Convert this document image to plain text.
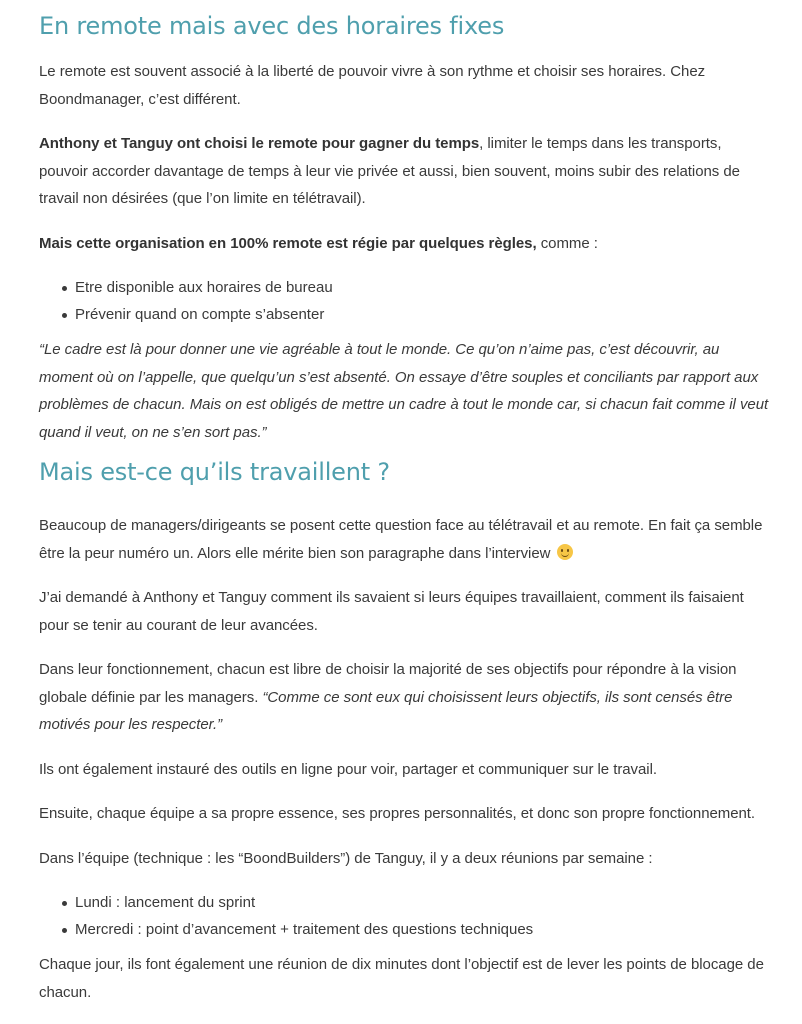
En remote mais avec des horaires fixes

Le remote est souvent associé à la liberté de pouvoir vivre à son rythme et choisir ses horaires. Chez Boondmanager, c’est différent.

Anthony et Tanguy ont choisi le remote pour gagner du temps, limiter le temps dans les transports, pouvoir accorder davantage de temps à leur vie privée et aussi, bien souvent, moins subir des relations de travail non désirées (que l’on limite en télétravail).

Mais cette organisation en 100% remote est régie par quelques règles, comme :

Etre disponible aux horaires de bureau
Prévenir quand on compte s’absenter

“Le cadre est là pour donner une vie agréable à tout le monde. Ce qu’on n’aime pas, c’est découvrir, au moment où on l’appelle, que quelqu’un s’est absenté. On essaye d’être souples et conciliants par rapport aux problèmes de chacun. Mais on est obligés de mettre un cadre à tout le monde car, si chacun fait comme il veut quand il veut, on ne s’en sort pas.”

Mais est-ce qu’ils travaillent ?

Beaucoup de managers/dirigeants se posent cette question face au télétravail et au remote. En fait ça semble être la peur numéro un. Alors elle mérite bien son paragraphe dans l’interview

J’ai demandé à Anthony et Tanguy comment ils savaient si leurs équipes travaillaient, comment ils faisaient pour se tenir au courant de leur avancées.

Dans leur fonctionnement, chacun est libre de choisir la majorité de ses objectifs pour répondre à la vision globale définie par les managers. “Comme ce sont eux qui choisissent leurs objectifs, ils sont censés être motivés pour les respecter.”

Ils ont également instauré des outils en ligne pour voir, partager et communiquer sur le travail.

Ensuite, chaque équipe a sa propre essence, ses propres personnalités, et donc son propre fonctionnement.

Dans l’équipe (technique : les “BoondBuilders”) de Tanguy, il y a deux réunions par semaine :

Lundi : lancement du sprint
Mercredi : point d’avancement + traitement des questions techniques

Chaque jour, ils font également une réunion de dix minutes dont l’objectif est de lever les points de blocage de chacun.
